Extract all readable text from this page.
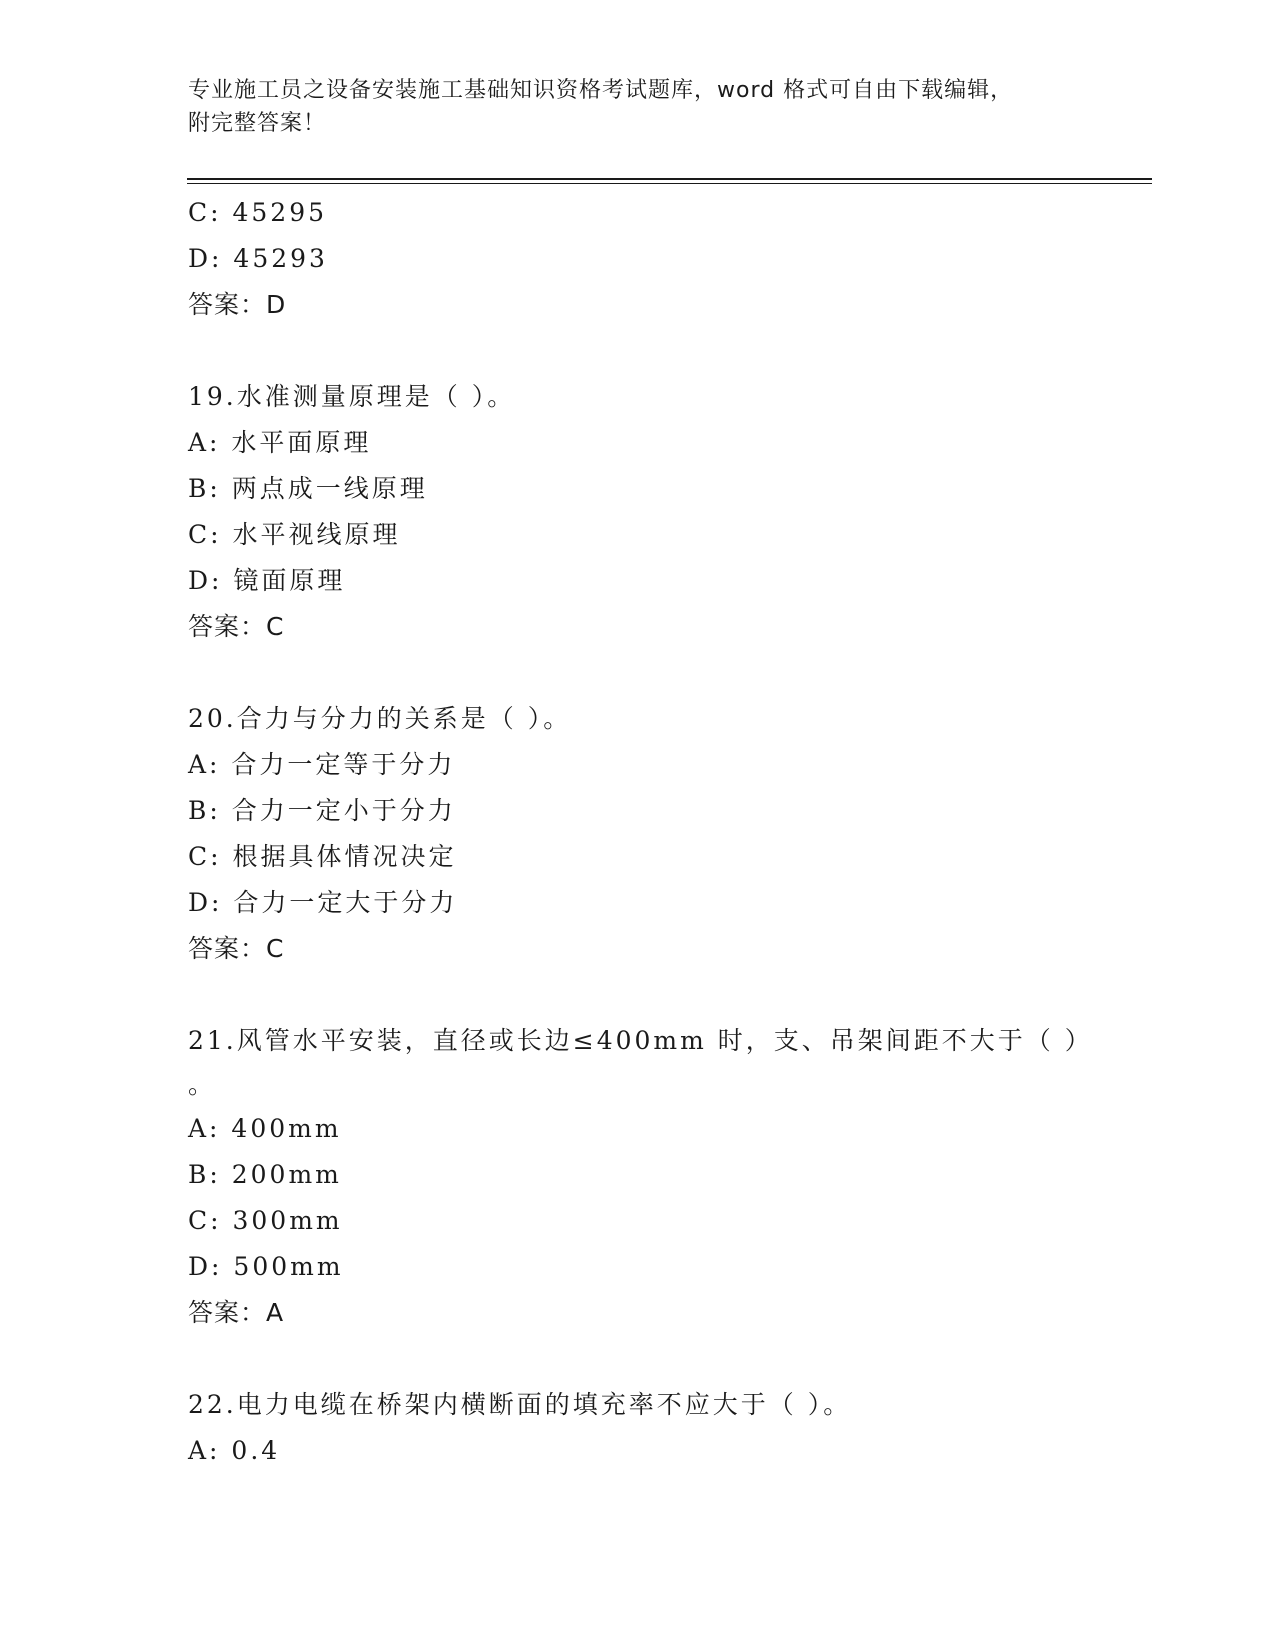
专业施工员之设备安装施工基础知识资格考试题库，word 格式可自由下载编辑，
附完整答案！
C: 45295
D: 45293
答案：D
19.水准测量原理是（ ）。
A: 水平面原理
B: 两点成一线原理
C: 水平视线原理
D: 镜面原理
答案：C
20.合力与分力的关系是（ ）。
A: 合力一定等于分力
B: 合力一定小于分力
C: 根据具体情况决定
D: 合力一定大于分力
答案：C
21.风管水平安装，直径或长边≤400mm 时，支、吊架间距不大于（ ）
。
A: 400mm
B: 200mm
C: 300mm
D: 500mm
答案：A
22.电力电缆在桥架内横断面的填充率不应大于（ ）。
A: 0.4
